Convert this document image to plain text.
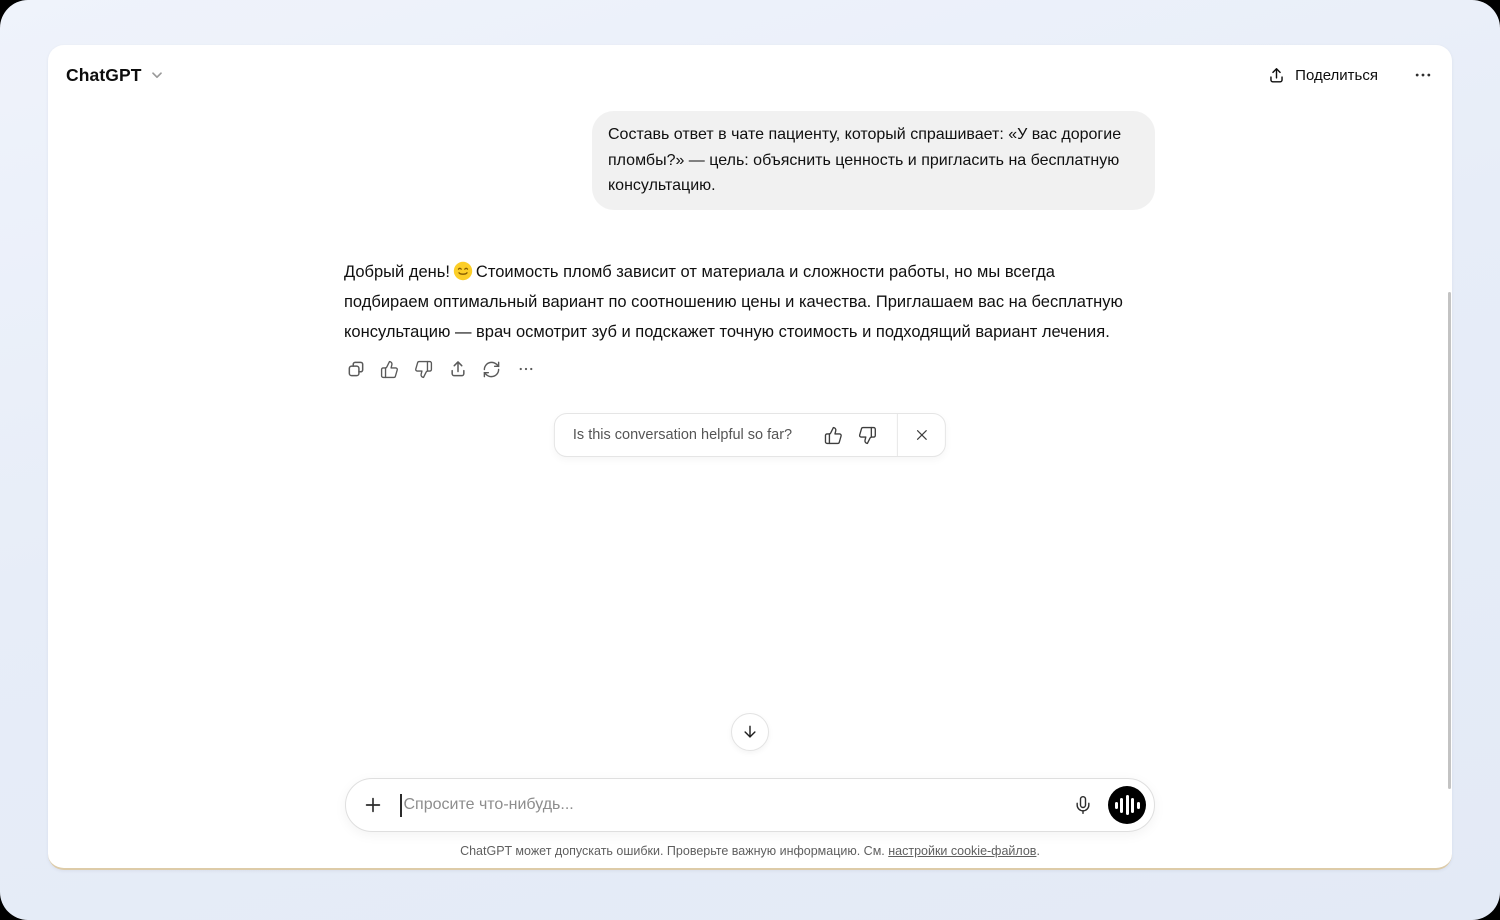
ChatGPT	Поделиться
Составь ответ в чате пациенту, который спрашивает: «У вас дорогие пломбы?» — цель: объяснить ценность и пригласить на бесплатную консультацию.
Добрый день! Стоимость пломб зависит от материала и сложности работы, но мы всегда
подбираем оптимальный вариант по соотношению цены и качества. Приглашаем вас на бесплатную
консультацию — врач осмотрит зуб и подскажет точную стоимость и подходящий вариант лечения.
Is this conversation helpful so far?
Спросите что-нибудь...
ChatGPT может допускать ошибки. Проверьте важную информацию. См. настройки cookie-файлов.
